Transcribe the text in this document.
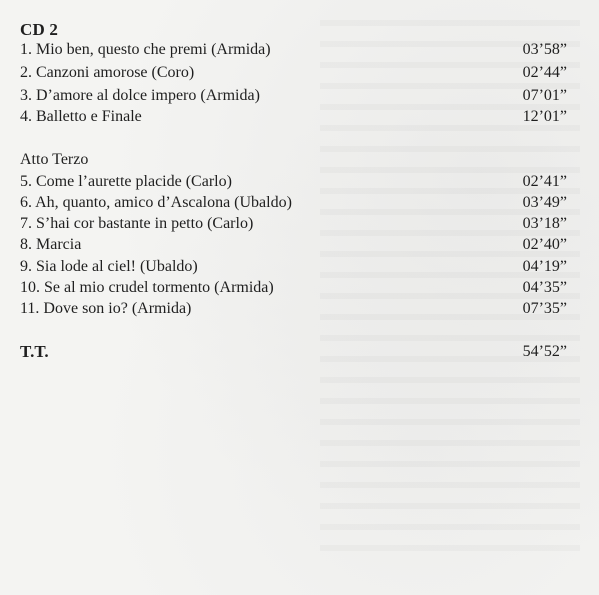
CD 2
1. Mio ben, questo che premi (Armida)	03’58”
2. Canzoni amorose (Coro)	02’44”
3. D’amore al dolce impero (Armida)	07’01”
4. Balletto e Finale	12’01”
Atto Terzo
5. Come l’aurette placide (Carlo)	02’41”
6. Ah, quanto, amico d’Ascalona (Ubaldo)	03’49”
7. S’hai cor bastante in petto (Carlo)	03’18”
8. Marcia	02’40”
9. Sia lode al ciel! (Ubaldo)	04’19”
10. Se al mio crudel tormento (Armida)	04’35”
11. Dove son io? (Armida)	07’35”
T.T.	54’52”
